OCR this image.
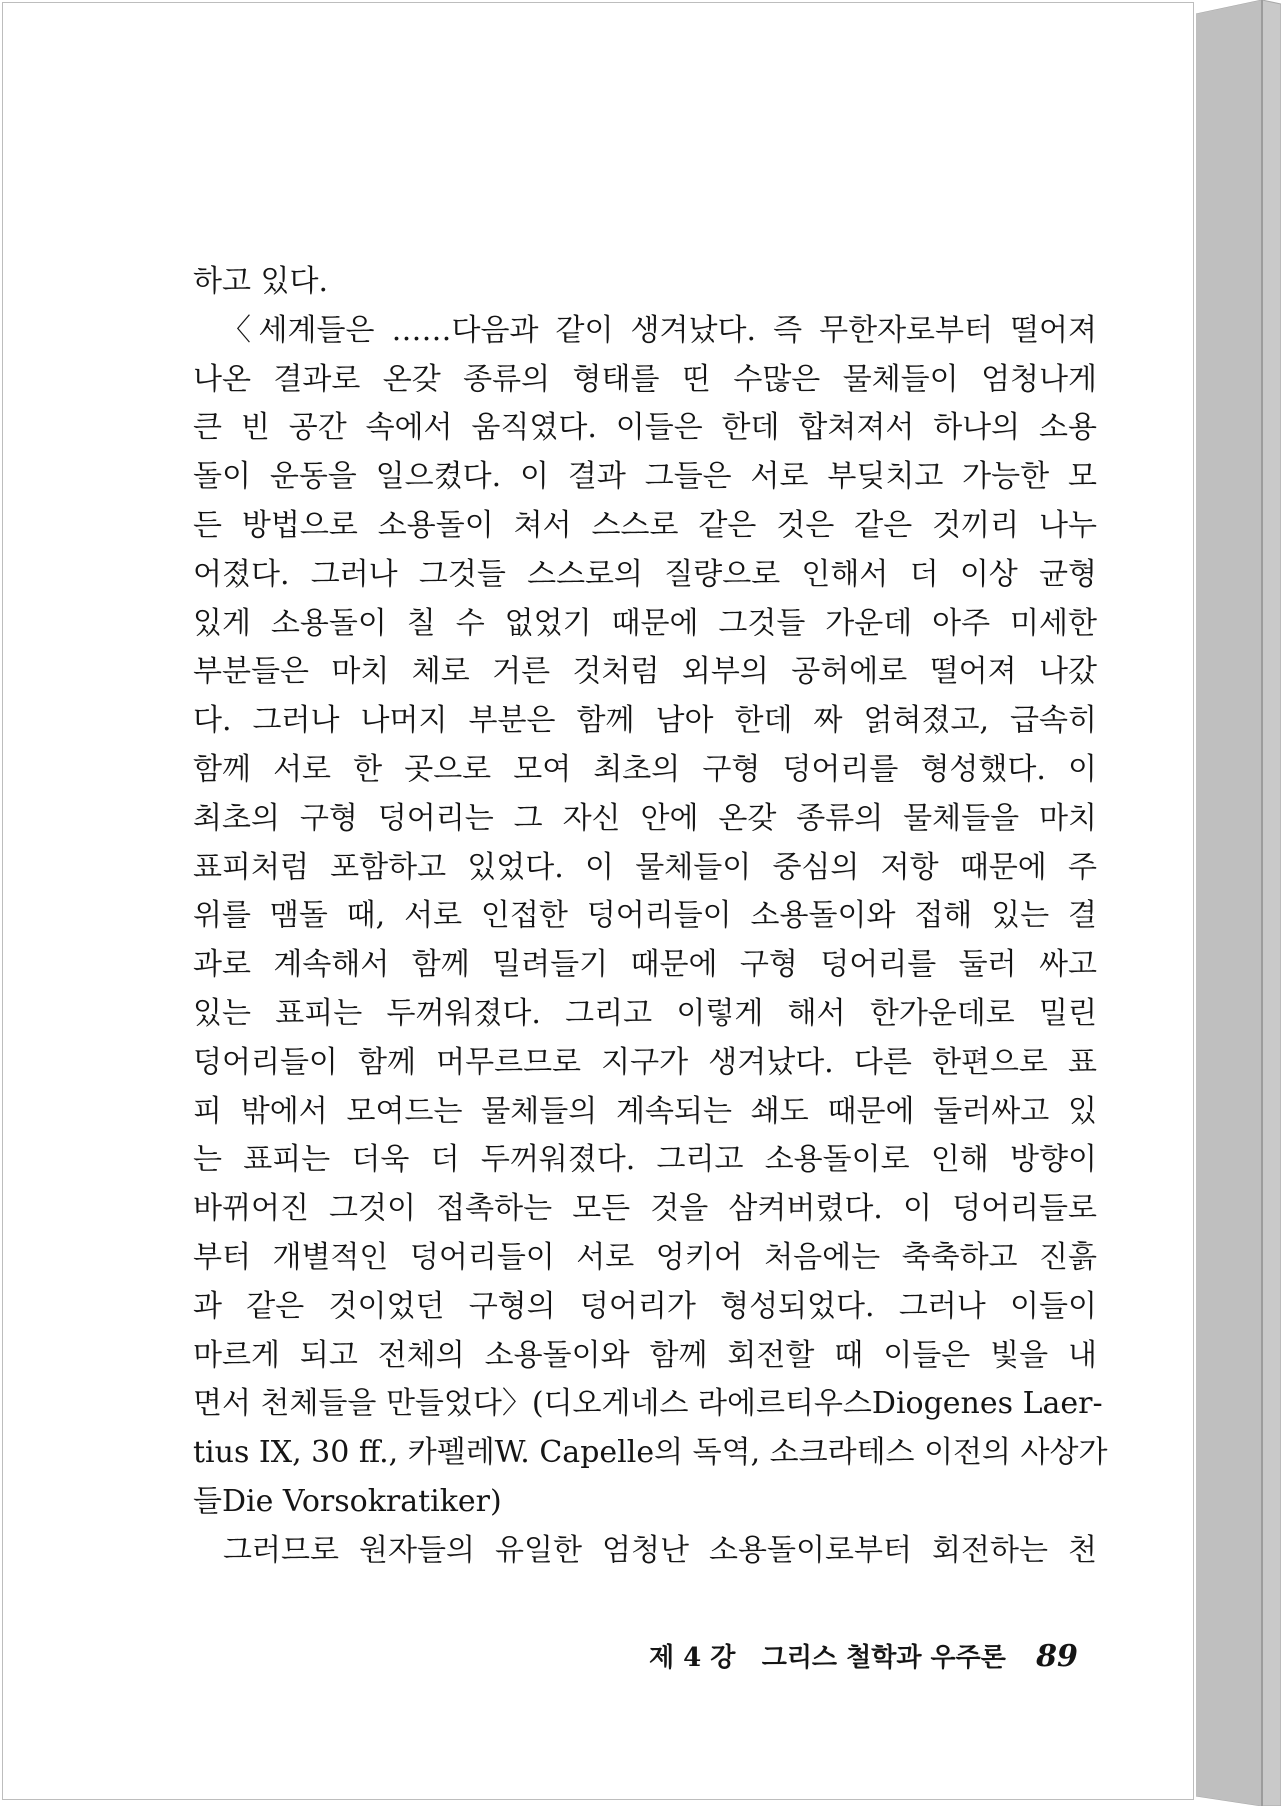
하고 있다.
〈세계들은 ……다음과 같이 생겨났다. 즉 무한자로부터 떨어져
나온 결과로 온갖 종류의 형태를 띤 수많은 물체들이 엄청나게
큰 빈 공간 속에서 움직였다. 이들은 한데 합쳐져서 하나의 소용
돌이 운동을 일으켰다. 이 결과 그들은 서로 부딪치고 가능한 모
든 방법으로 소용돌이 쳐서 스스로 같은 것은 같은 것끼리 나누
어졌다. 그러나 그것들 스스로의 질량으로 인해서 더 이상 균형
있게 소용돌이 칠 수 없었기 때문에 그것들 가운데 아주 미세한
부분들은 마치 체로 거른 것처럼 외부의 공허에로 떨어져 나갔
다. 그러나 나머지 부분은 함께 남아 한데 짜 얽혀졌고, 급속히
함께 서로 한 곳으로 모여 최초의 구형 덩어리를 형성했다. 이
최초의 구형 덩어리는 그 자신 안에 온갖 종류의 물체들을 마치
표피처럼 포함하고 있었다. 이 물체들이 중심의 저항 때문에 주
위를 맴돌 때, 서로 인접한 덩어리들이 소용돌이와 접해 있는 결
과로 계속해서 함께 밀려들기 때문에 구형 덩어리를 둘러 싸고
있는 표피는 두꺼워졌다. 그리고 이렇게 해서 한가운데로 밀린
덩어리들이 함께 머무르므로 지구가 생겨났다. 다른 한편으로 표
피 밖에서 모여드는 물체들의 계속되는 쇄도 때문에 둘러싸고 있
는 표피는 더욱 더 두꺼워졌다. 그리고 소용돌이로 인해 방향이
바뀌어진 그것이 접촉하는 모든 것을 삼켜버렸다. 이 덩어리들로
부터 개별적인 덩어리들이 서로 엉키어 처음에는 축축하고 진흙
과 같은 것이었던 구형의 덩어리가 형성되었다. 그러나 이들이
마르게 되고 전체의 소용돌이와 함께 회전할 때 이들은 빛을 내
면서 천체들을 만들었다〉(디오게네스 라에르티우스Diogenes Laer-
tius IX, 30 ff., 카펠레W. Capelle의 독역, 소크라테스 이전의 사상가
들Die Vorsokratiker)
그러므로 원자들의 유일한 엄청난 소용돌이로부터 회전하는 천
제 4 강 그리스 철학과 우주론 89
